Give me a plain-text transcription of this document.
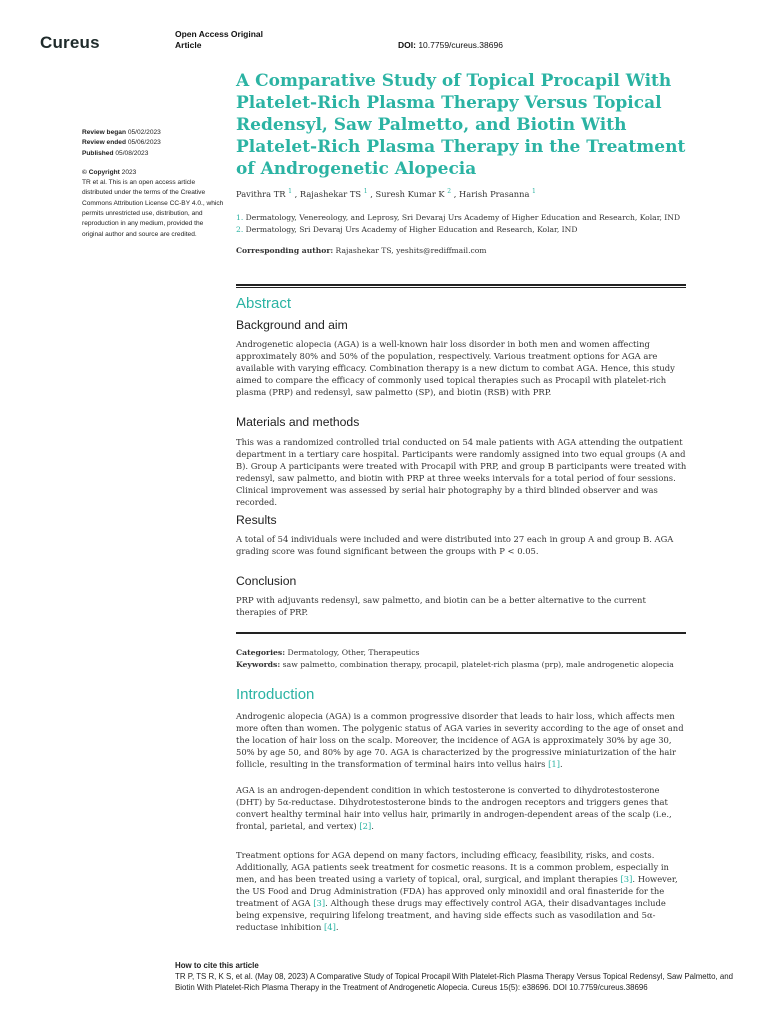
Cureus	Open Access Original
Article	DOI: 10.7759/cureus.38696
Review began 05/02/2023
Review ended 05/06/2023
Published 05/08/2023
© Copyright 2023
TR et al. This is an open access article distributed under the terms of the Creative Commons Attribution License CC-BY 4.0., which permits unrestricted use, distribution, and reproduction in any medium, provided the original author and source are credited.
A Comparative Study of Topical Procapil With Platelet-Rich Plasma Therapy Versus Topical Redensyl, Saw Palmetto, and Biotin With Platelet-Rich Plasma Therapy in the Treatment of Androgenetic Alopecia
Pavithra TR $^1$ , Rajashekar TS $^1$ , Suresh Kumar K $^2$ , Harish Prasanna $^1$
1. Dermatology, Venereology, and Leprosy, Sri Devaraj Urs Academy of Higher Education and Research, Kolar, IND 2. Dermatology, Sri Devaraj Urs Academy of Higher Education and Research, Kolar, IND
Corresponding author: Rajashekar TS, yeshits@rediffmail.com
Abstract
Background and aim
Androgenetic alopecia (AGA) is a well-known hair loss disorder in both men and women affecting approximately 80% and 50% of the population, respectively. Various treatment options for AGA are available with varying efficacy. Combination therapy is a new dictum to combat AGA. Hence, this study aimed to compare the efficacy of commonly used topical therapies such as Procapil with platelet-rich plasma (PRP) and redensyl, saw palmetto (SP), and biotin (RSB) with PRP.
Materials and methods
This was a randomized controlled trial conducted on 54 male patients with AGA attending the outpatient department in a tertiary care hospital. Participants were randomly assigned into two equal groups (A and B). Group A participants were treated with Procapil with PRP, and group B participants were treated with redensyl, saw palmetto, and biotin with PRP at three weeks intervals for a total period of four sessions. Clinical improvement was assessed by serial hair photography by a third blinded observer and was recorded.
Results
A total of 54 individuals were included and were distributed into 27 each in group A and group B. AGA grading score was found significant between the groups with P < 0.05.
Conclusion
PRP with adjuvants redensyl, saw palmetto, and biotin can be a better alternative to the current therapies of PRP.
Categories: Dermatology, Other, Therapeutics
Keywords: saw palmetto, combination therapy, procapil, platelet-rich plasma (prp), male androgenetic alopecia
Introduction
Androgenic alopecia (AGA) is a common progressive disorder that leads to hair loss, which affects men more often than women. The polygenic status of AGA varies in severity according to the age of onset and the location of hair loss on the scalp. Moreover, the incidence of AGA is approximately 30% by age 30, 50% by age 50, and 80% by age 70. AGA is characterized by the progressive miniaturization of the hair follicle, resulting in the transformation of terminal hairs into vellus hairs [1].
AGA is an androgen-dependent condition in which testosterone is converted to dihydrotestosterone (DHT) by 5α-reductase. Dihydrotestosterone binds to the androgen receptors and triggers genes that convert healthy terminal hair into vellus hair, primarily in androgen-dependent areas of the scalp (i.e., frontal, parietal, and vertex) [2].
Treatment options for AGA depend on many factors, including efficacy, feasibility, risks, and costs. Additionally, AGA patients seek treatment for cosmetic reasons. It is a common problem, especially in men, and has been treated using a variety of topical, oral, surgical, and implant therapies [3]. However, the US Food and Drug Administration (FDA) has approved only minoxidil and oral finasteride for the treatment of AGA [3]. Although these drugs may effectively control AGA, their disadvantages include being expensive, requiring lifelong treatment, and having side effects such as vasodilation and 5α-reductase inhibition [4].
How to cite this article
TR P, TS R, K S, et al. (May 08, 2023) A Comparative Study of Topical Procapil With Platelet-Rich Plasma Therapy Versus Topical Redensyl, Saw Palmetto, and Biotin With Platelet-Rich Plasma Therapy in the Treatment of Androgenetic Alopecia. Cureus 15(5): e38696. DOI 10.7759/cureus.38696
